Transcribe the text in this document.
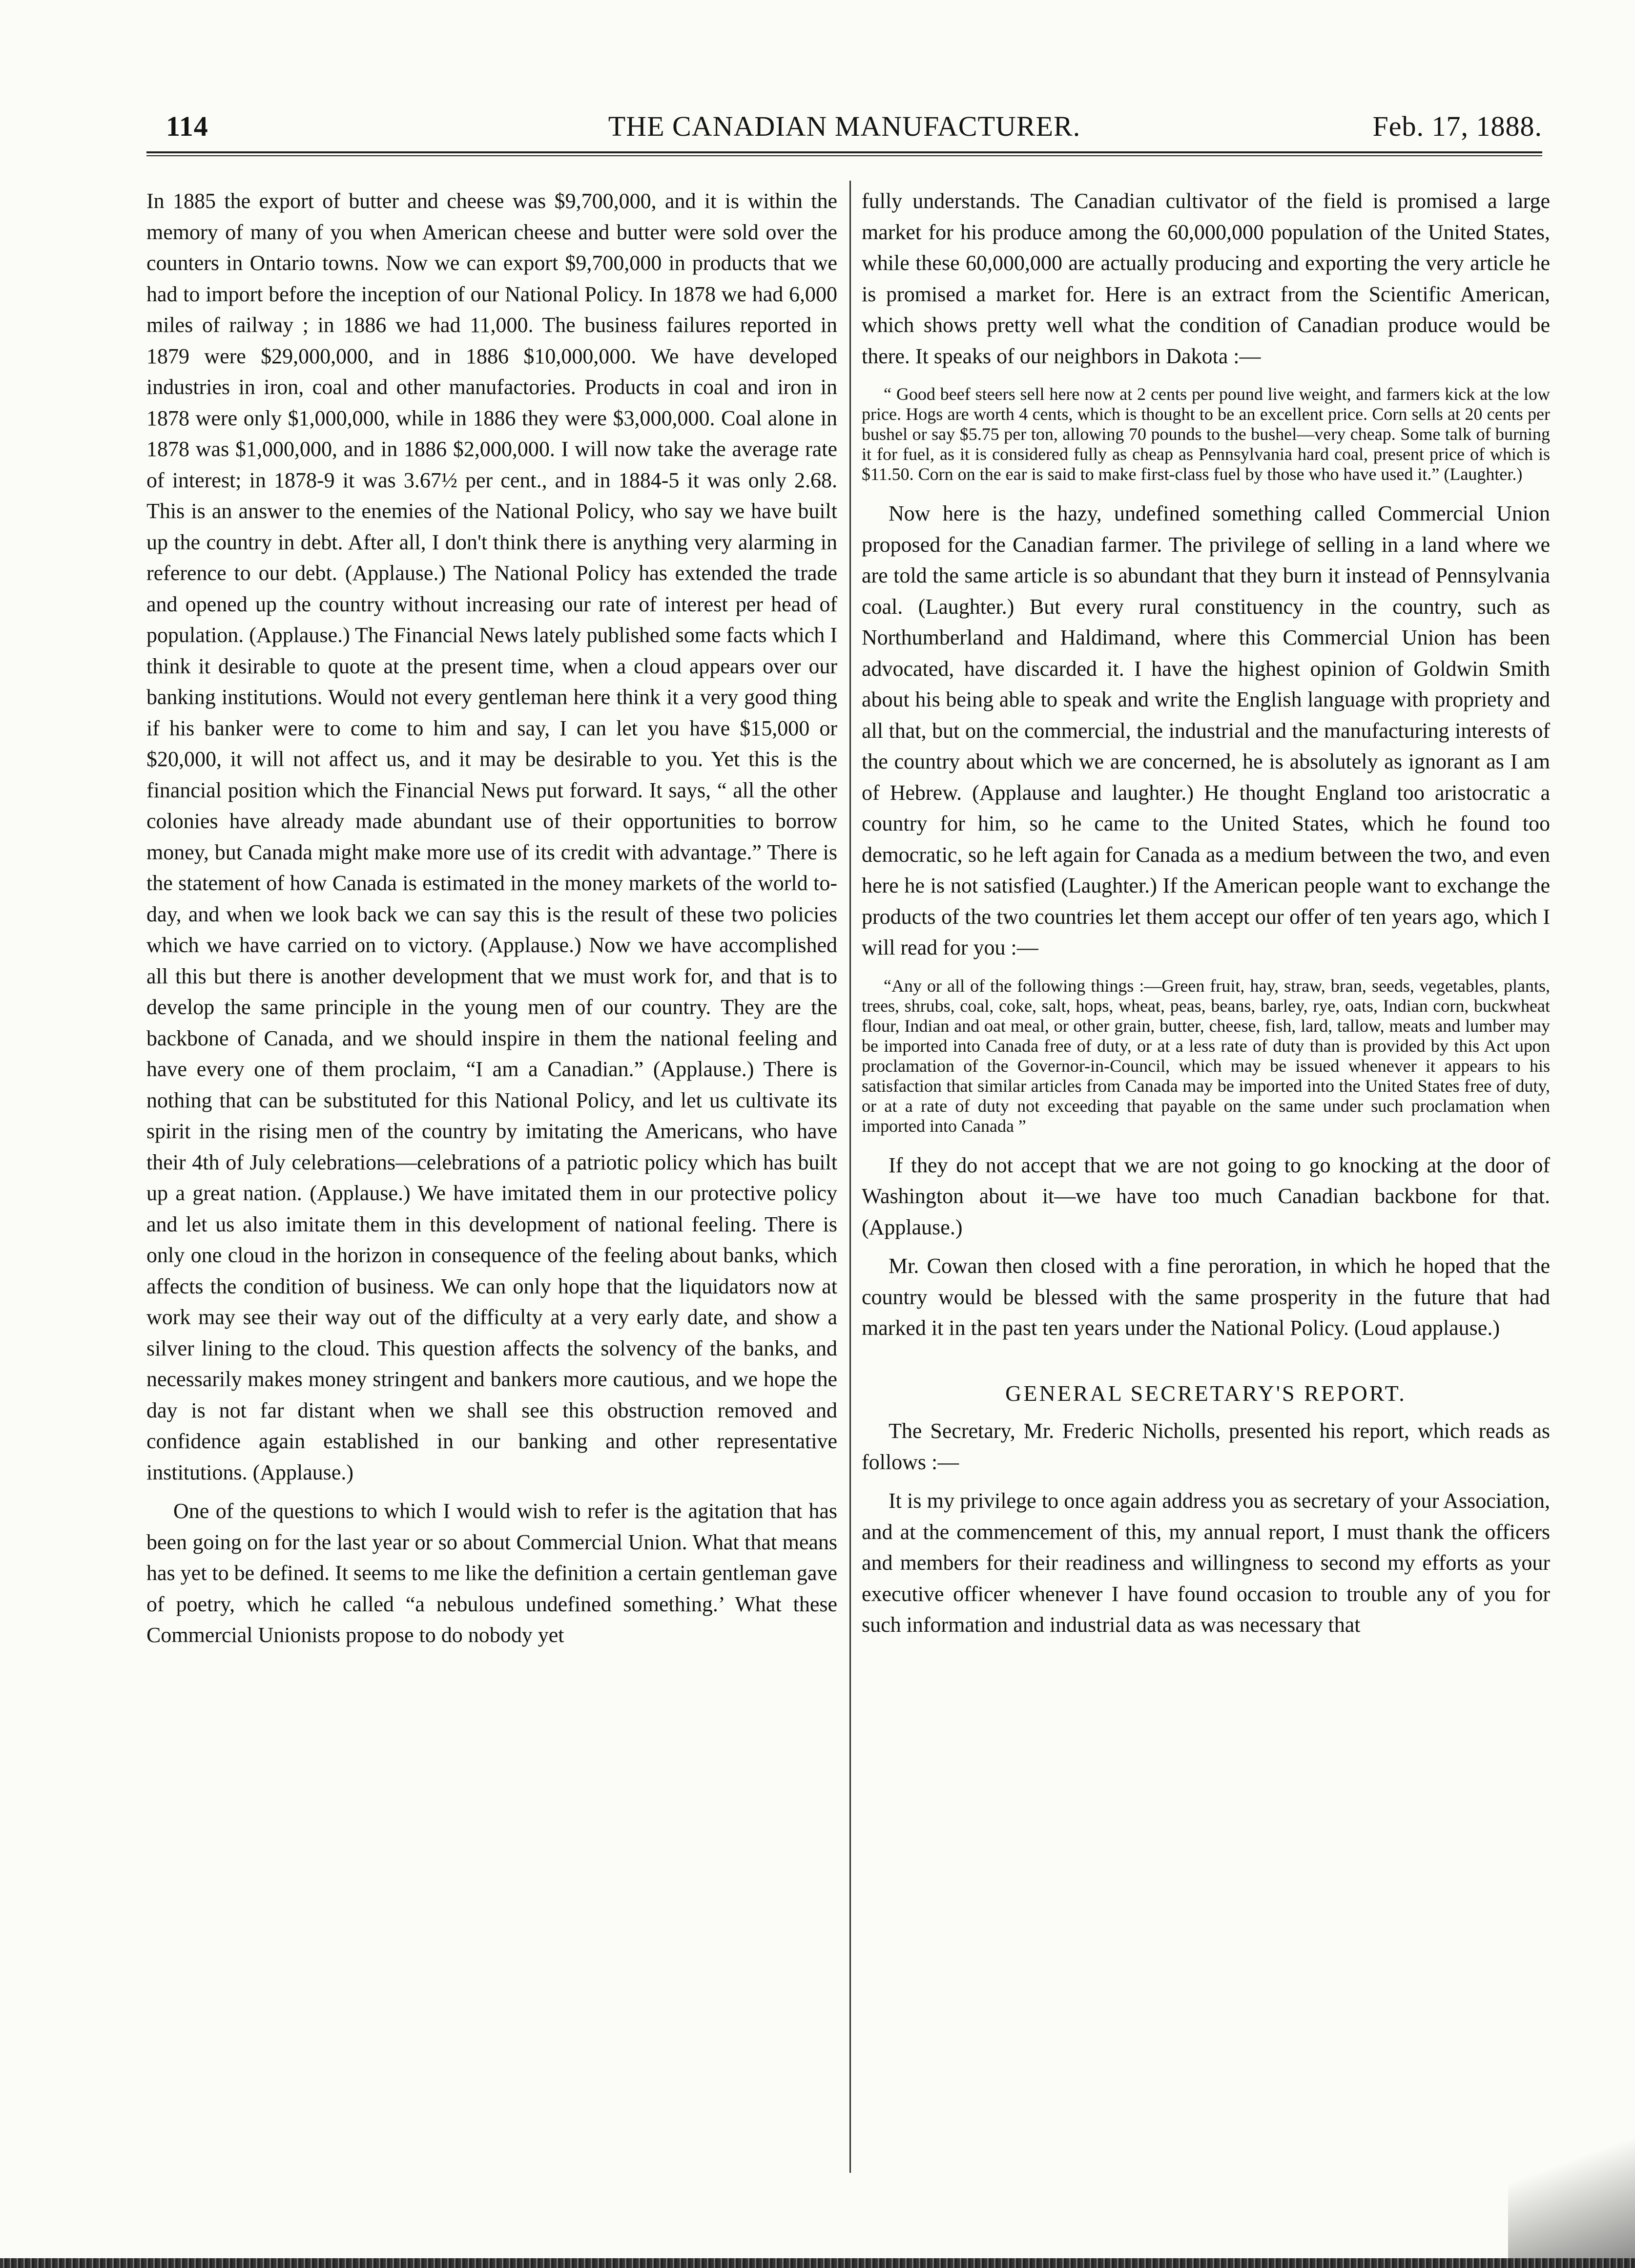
114	THE CANADIAN MANUFACTURER.	Feb. 17, 1888.

In 1885 the export of butter and cheese was $9,700,000, and it is within the memory of many of you when American cheese and butter were sold over the counters in Ontario towns. Now we can export $9,700,000 in products that we had to import before the inception of our National Policy. In 1878 we had 6,000 miles of railway ; in 1886 we had 11,000. The business failures reported in 1879 were $29,000,000, and in 1886 $10,000,000. We have developed industries in iron, coal and other manufactories. Products in coal and iron in 1878 were only $1,000,000, while in 1886 they were $3,000,000. Coal alone in 1878 was $1,000,000, and in 1886 $2,000,000. I will now take the average rate of interest; in 1878-9 it was 3.67½ per cent., and in 1884-5 it was only 2.68. This is an answer to the enemies of the National Policy, who say we have built up the country in debt. After all, I don't think there is anything very alarming in reference to our debt. (Applause.) The National Policy has extended the trade and opened up the country without increasing our rate of interest per head of population. (Applause.) The Financial News lately published some facts which I think it desirable to quote at the present time, when a cloud appears over our banking institutions. Would not every gentleman here think it a very good thing if his banker were to come to him and say, I can let you have $15,000 or $20,000, it will not affect us, and it may be desirable to you. Yet this is the financial position which the Financial News put forward. It says, “ all the other colonies have already made abundant use of their opportunities to borrow money, but Canada might make more use of its credit with advantage.” There is the statement of how Canada is estimated in the money markets of the world to-day, and when we look back we can say this is the result of these two policies which we have carried on to victory. (Applause.) Now we have accomplished all this but there is another development that we must work for, and that is to develop the same principle in the young men of our country. They are the backbone of Canada, and we should inspire in them the national feeling and have every one of them proclaim, “I am a Canadian.” (Applause.) There is nothing that can be substituted for this National Policy, and let us cultivate its spirit in the rising men of the country by imitating the Americans, who have their 4th of July celebrations—celebrations of a patriotic policy which has built up a great nation. (Applause.) We have imitated them in our protective policy and let us also imitate them in this development of national feeling. There is only one cloud in the horizon in consequence of the feeling about banks, which affects the condition of business. We can only hope that the liquidators now at work may see their way out of the difficulty at a very early date, and show a silver lining to the cloud. This question affects the solvency of the banks, and necessarily makes money stringent and bankers more cautious, and we hope the day is not far distant when we shall see this obstruction removed and confidence again established in our banking and other representative institutions. (Applause.)

One of the questions to which I would wish to refer is the agitation that has been going on for the last year or so about Commercial Union. What that means has yet to be defined. It seems to me like the definition a certain gentleman gave of poetry, which he called “a nebulous undefined something.’ What these Commercial Unionists propose to do nobody yet

fully understands. The Canadian cultivator of the field is promised a large market for his produce among the 60,000,000 population of the United States, while these 60,000,000 are actually producing and exporting the very article he is promised a market for. Here is an extract from the Scientific American, which shows pretty well what the condition of Canadian produce would be there. It speaks of our neighbors in Dakota :—

“ Good beef steers sell here now at 2 cents per pound live weight, and farmers kick at the low price. Hogs are worth 4 cents, which is thought to be an excellent price. Corn sells at 20 cents per bushel or say $5.75 per ton, allowing 70 pounds to the bushel—very cheap. Some talk of burning it for fuel, as it is considered fully as cheap as Pennsylvania hard coal, present price of which is $11.50. Corn on the ear is said to make first-class fuel by those who have used it.” (Laughter.)

Now here is the hazy, undefined something called Commercial Union proposed for the Canadian farmer. The privilege of selling in a land where we are told the same article is so abundant that they burn it instead of Pennsylvania coal. (Laughter.) But every rural constituency in the country, such as Northumberland and Haldimand, where this Commercial Union has been advocated, have discarded it. I have the highest opinion of Goldwin Smith about his being able to speak and write the English language with propriety and all that, but on the commercial, the industrial and the manufacturing interests of the country about which we are concerned, he is absolutely as ignorant as I am of Hebrew. (Applause and laughter.) He thought England too aristocratic a country for him, so he came to the United States, which he found too democratic, so he left again for Canada as a medium between the two, and even here he is not satisfied (Laughter.) If the American people want to exchange the products of the two countries let them accept our offer of ten years ago, which I will read for you :—

“Any or all of the following things :—Green fruit, hay, straw, bran, seeds, vegetables, plants, trees, shrubs, coal, coke, salt, hops, wheat, peas, beans, barley, rye, oats, Indian corn, buckwheat flour, Indian and oat meal, or other grain, butter, cheese, fish, lard, tallow, meats and lumber may be imported into Canada free of duty, or at a less rate of duty than is provided by this Act upon proclamation of the Governor-in-Council, which may be issued whenever it appears to his satisfaction that similar articles from Canada may be imported into the United States free of duty, or at a rate of duty not exceeding that payable on the same under such proclamation when imported into Canada ”

If they do not accept that we are not going to go knocking at the door of Washington about it—we have too much Canadian backbone for that. (Applause.)

Mr. Cowan then closed with a fine peroration, in which he hoped that the country would be blessed with the same prosperity in the future that had marked it in the past ten years under the National Policy. (Loud applause.)

GENERAL SECRETARY'S REPORT.

The Secretary, Mr. Frederic Nicholls, presented his report, which reads as follows :—

It is my privilege to once again address you as secretary of your Association, and at the commencement of this, my annual report, I must thank the officers and members for their readiness and willingness to second my efforts as your executive officer whenever I have found occasion to trouble any of you for such information and industrial data as was necessary that
